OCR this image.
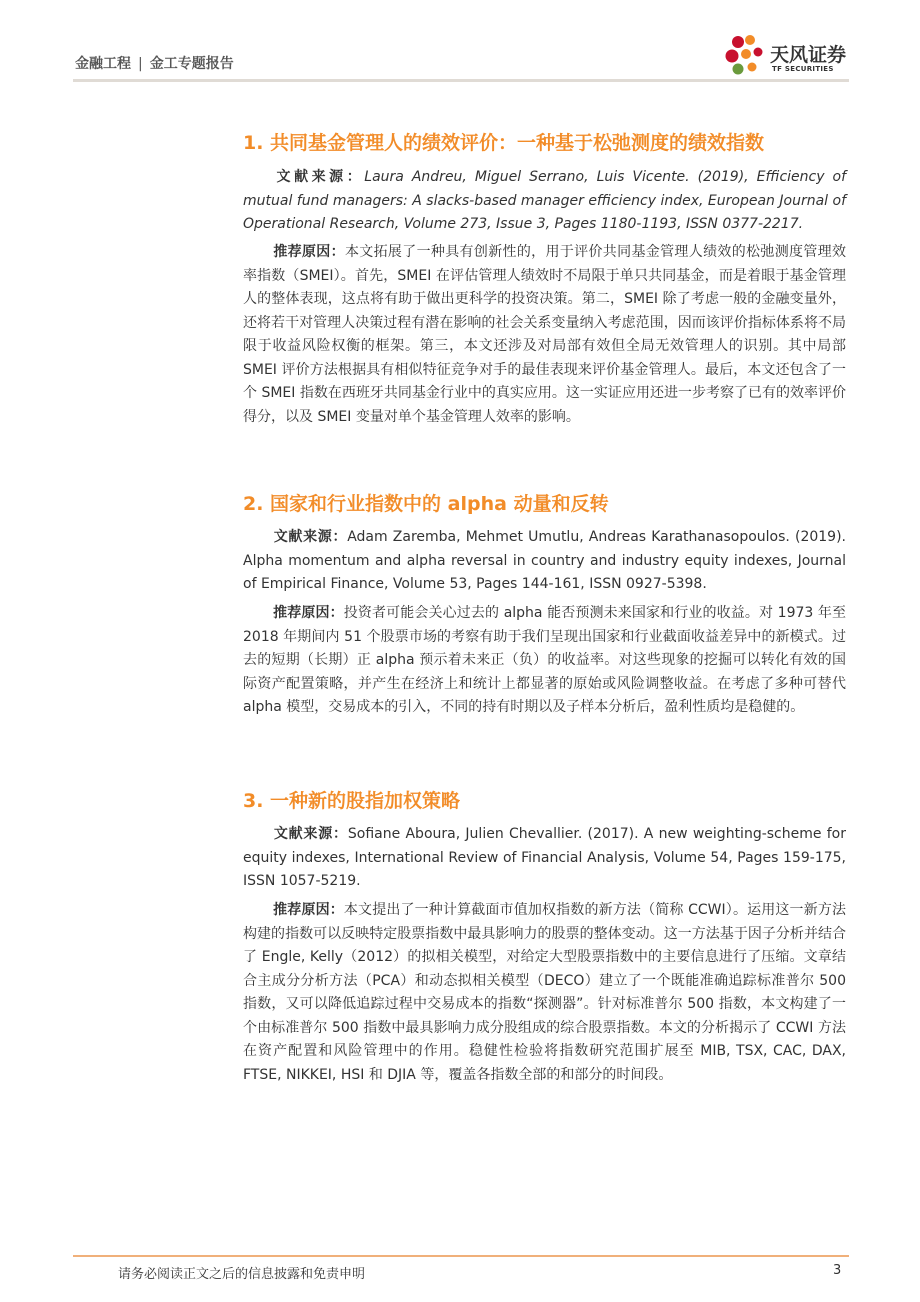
金融工程 | 金工专题报告	天风证券
TF SECURITIES
1. 共同基金管理人的绩效评价：一种基于松弛测度的绩效指数
文献来源：Laura Andreu, Miguel Serrano, Luis Vicente. (2019), Efficiency of mutual fund managers: A slacks-based manager efficiency index, European Journal of Operational Research, Volume 273, Issue 3, Pages 1180-1193, ISSN 0377-2217.
推荐原因：本文拓展了一种具有创新性的，用于评价共同基金管理人绩效的松弛测度管理效率指数（SMEI）。首先，SMEI 在评估管理人绩效时不局限于单只共同基金，而是着眼于基金管理人的整体表现，这点将有助于做出更科学的投资决策。第二，SMEI 除了考虑一般的金融变量外，还将若干对管理人决策过程有潜在影响的社会关系变量纳入考虑范围，因而该评价指标体系将不局限于收益风险权衡的框架。第三，本文还涉及对局部有效但全局无效管理人的识别。其中局部 SMEI 评价方法根据具有相似特征竞争对手的最佳表现来评价基金管理人。最后，本文还包含了一个 SMEI 指数在西班牙共同基金行业中的真实应用。这一实证应用还进一步考察了已有的效率评价得分，以及 SMEI 变量对单个基金管理人效率的影响。
2. 国家和行业指数中的 alpha 动量和反转
文献来源：Adam Zaremba, Mehmet Umutlu, Andreas Karathanasopoulos. (2019). Alpha momentum and alpha reversal in country and industry equity indexes, Journal of Empirical Finance, Volume 53, Pages 144-161, ISSN 0927-5398.
推荐原因：投资者可能会关心过去的 alpha 能否预测未来国家和行业的收益。对 1973 年至 2018 年期间内 51 个股票市场的考察有助于我们呈现出国家和行业截面收益差异中的新模式。过去的短期（长期）正 alpha 预示着未来正（负）的收益率。对这些现象的挖掘可以转化有效的国际资产配置策略，并产生在经济上和统计上都显著的原始或风险调整收益。在考虑了多种可替代 alpha 模型，交易成本的引入，不同的持有时期以及子样本分析后，盈利性质均是稳健的。
3. 一种新的股指加权策略
文献来源：Sofiane Aboura, Julien Chevallier. (2017). A new weighting-scheme for equity indexes, International Review of Financial Analysis, Volume 54, Pages 159-175, ISSN 1057-5219.
推荐原因：本文提出了一种计算截面市值加权指数的新方法（简称 CCWI）。运用这一新方法构建的指数可以反映特定股票指数中最具影响力的股票的整体变动。这一方法基于因子分析并结合了 Engle, Kelly（2012）的拟相关模型，对给定大型股票指数中的主要信息进行了压缩。文章结合主成分分析方法（PCA）和动态拟相关模型（DECO）建立了一个既能准确追踪标准普尔 500 指数，又可以降低追踪过程中交易成本的指数“探测器”。针对标准普尔 500 指数，本文构建了一个由标准普尔 500 指数中最具影响力成分股组成的综合股票指数。本文的分析揭示了 CCWI 方法在资产配置和风险管理中的作用。稳健性检验将指数研究范围扩展至 MIB, TSX, CAC, DAX, FTSE, NIKKEI, HSI 和 DJIA 等，覆盖各指数全部的和部分的时间段。
请务必阅读正文之后的信息披露和免责申明	3
